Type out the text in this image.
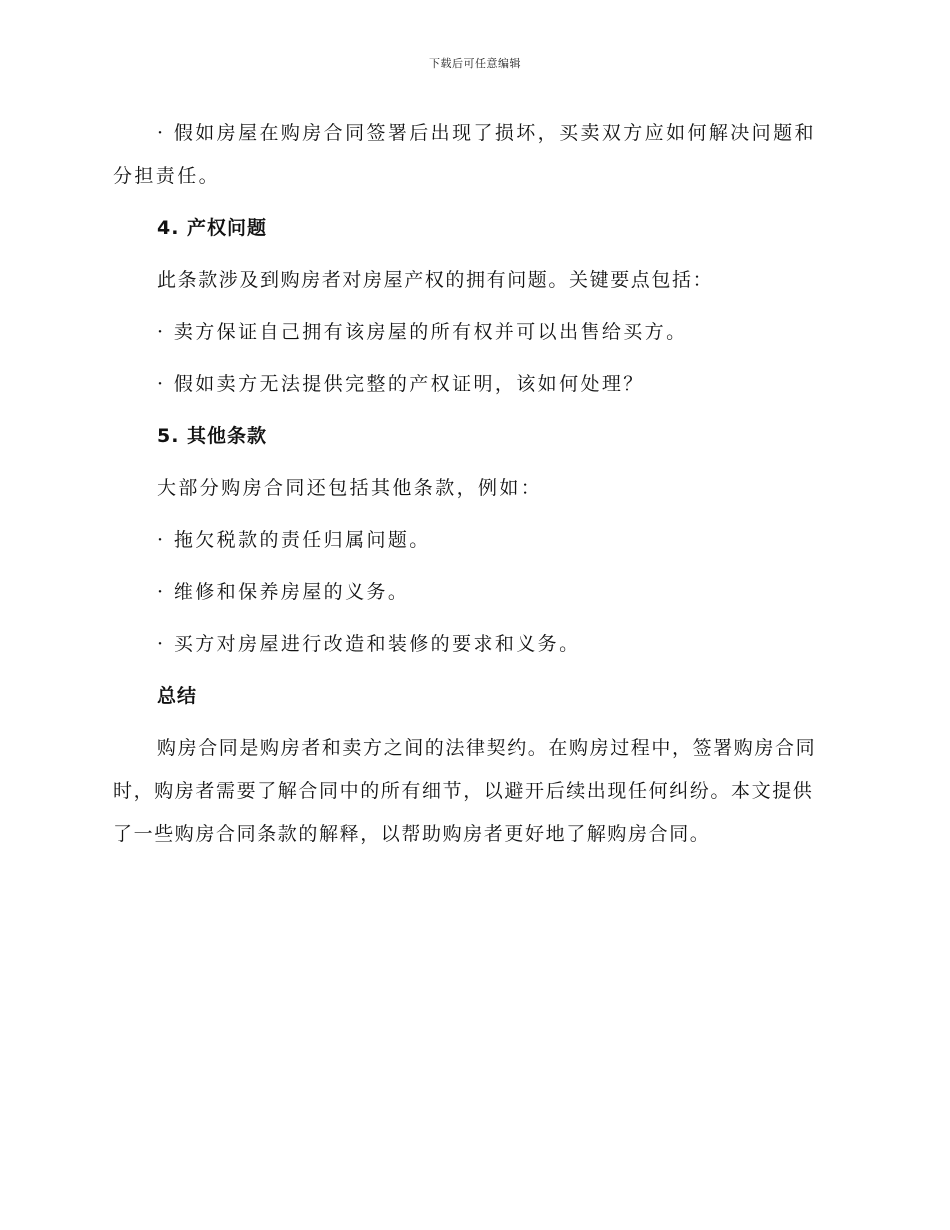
下载后可任意编辑

· 假如房屋在购房合同签署后出现了损坏，买卖双方应如何解决问题和分担责任。

4. 产权问题

此条款涉及到购房者对房屋产权的拥有问题。关键要点包括：

· 卖方保证自己拥有该房屋的所有权并可以出售给买方。

· 假如卖方无法提供完整的产权证明，该如何处理？

5. 其他条款

大部分购房合同还包括其他条款，例如：

· 拖欠税款的责任归属问题。

· 维修和保养房屋的义务。

· 买方对房屋进行改造和装修的要求和义务。

总结

购房合同是购房者和卖方之间的法律契约。在购房过程中，签署购房合同时，购房者需要了解合同中的所有细节，以避开后续出现任何纠纷。本文提供了一些购房合同条款的解释，以帮助购房者更好地了解购房合同。
